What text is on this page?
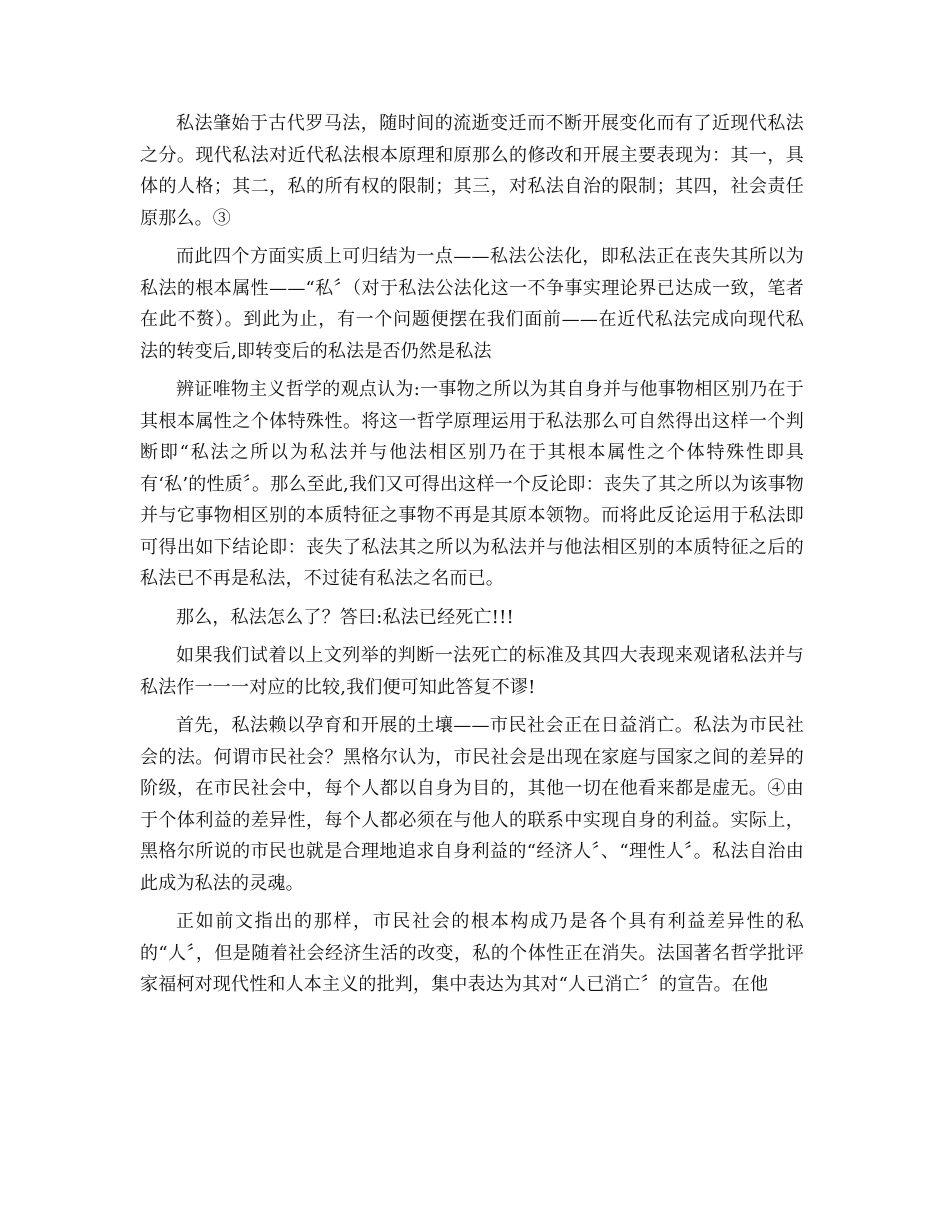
私法肇始于古代罗马法，随时间的流逝变迁而不断开展变化而有了近现代私法之分。现代私法对近代私法根本原理和原那么的修改和开展主要表现为：其一，具体的人格；其二，私的所有权的限制；其三，对私法自治的限制；其四，社会责任原那么。③

而此四个方面实质上可归结为一点——私法公法化，即私法正在丧失其所以为私法的根本属性——“私〞（对于私法公法化这一不争事实理论界已达成一致，笔者在此不赘）。到此为止，有一个问题便摆在我们面前——在近代私法完成向现代私法的转变后,即转变后的私法是否仍然是私法

辨证唯物主义哲学的观点认为:一事物之所以为其自身并与他事物相区别乃在于其根本属性之个体特殊性。将这一哲学原理运用于私法那么可自然得出这样一个判断即“私法之所以为私法并与他法相区别乃在于其根本属性之个体特殊性即具有‘私’的性质〞。那么至此,我们又可得出这样一个反论即：丧失了其之所以为该事物并与它事物相区别的本质特征之事物不再是其原本领物。而将此反论运用于私法即可得出如下结论即：丧失了私法其之所以为私法并与他法相区别的本质特征之后的私法已不再是私法，不过徒有私法之名而已。

那么，私法怎么了？答曰:私法已经死亡!!!

如果我们试着以上文列举的判断一法死亡的标准及其四大表现来观诸私法并与私法作一一一对应的比较,我们便可知此答复不谬!

首先，私法赖以孕育和开展的土壤——市民社会正在日益消亡。私法为市民社会的法。何谓市民社会？黑格尔认为，市民社会是出现在家庭与国家之间的差异的阶级，在市民社会中，每个人都以自身为目的，其他一切在他看来都是虚无。④由于个体利益的差异性，每个人都必须在与他人的联系中实现自身的利益。实际上，黑格尔所说的市民也就是合理地追求自身利益的“经济人〞、“理性人〞。私法自治由此成为私法的灵魂。

正如前文指出的那样，市民社会的根本构成乃是各个具有利益差异性的私的“人〞，但是随着社会经济生活的改变，私的个体性正在消失。法国著名哲学批评家福柯对现代性和人本主义的批判，集中表达为其对“人已消亡〞的宣告。在他
